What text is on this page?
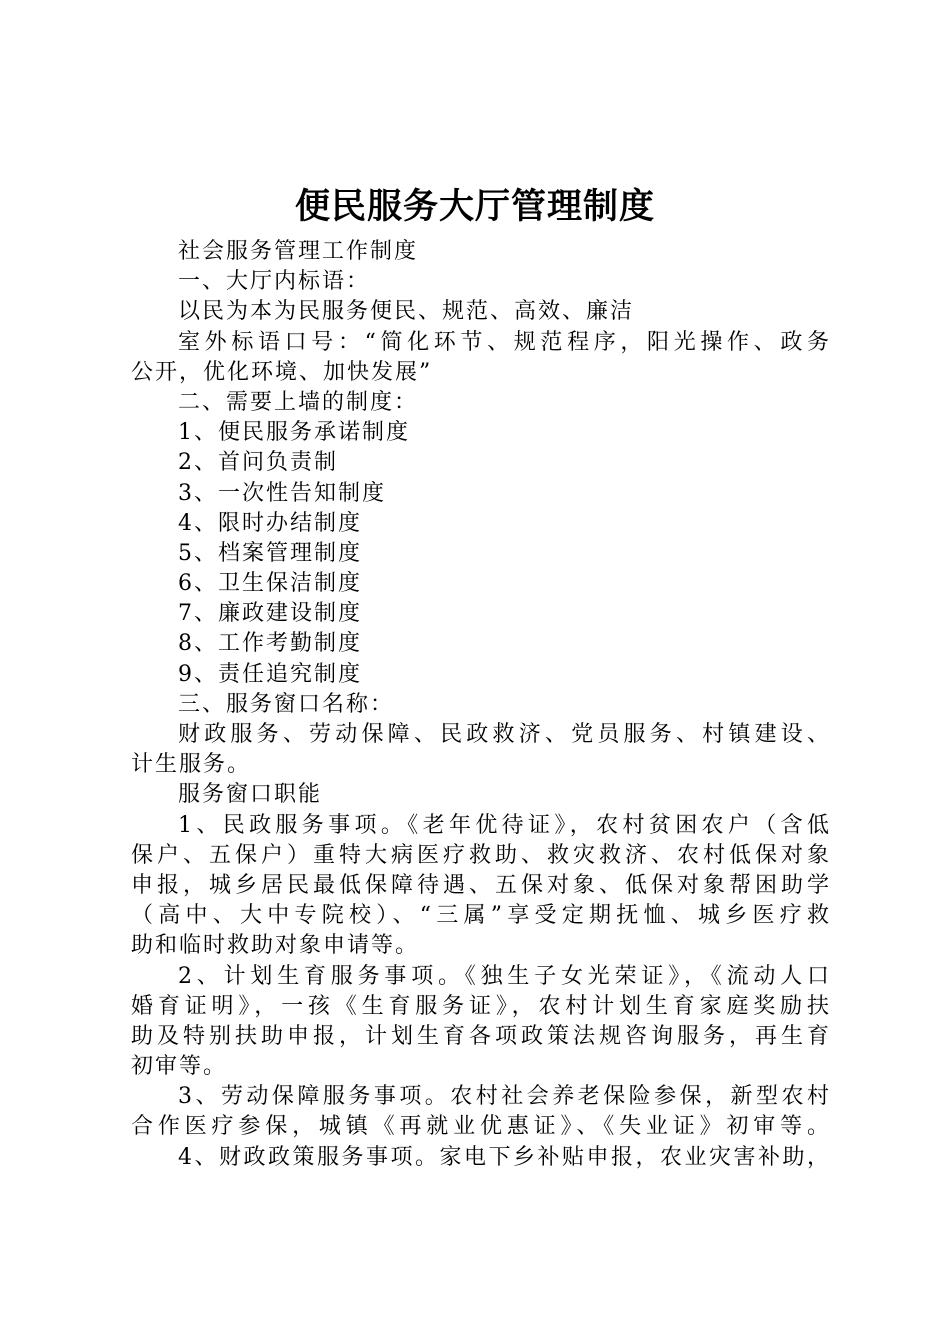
便民服务大厅管理制度
社会服务管理工作制度
一、大厅内标语：
以民为本为民服务便民、规范、高效、廉洁
室外标语口号：“简化环节、规范程序，阳光操作、政务
公开，优化环境、加快发展”
二、需要上墙的制度：
1、便民服务承诺制度
2、首问负责制
3、一次性告知制度
4、限时办结制度
5、档案管理制度
6、卫生保洁制度
7、廉政建设制度
8、工作考勤制度
9、责任追究制度
三、服务窗口名称：
财政服务、劳动保障、民政救济、党员服务、村镇建设、
计生服务。
服务窗口职能
1、民政服务事项。《老年优待证》，农村贫困农户（含低
保户、五保户）重特大病医疗救助、救灾救济、农村低保对象
申报，城乡居民最低保障待遇、五保对象、低保对象帮困助学
（高中、大中专院校）、“三属”享受定期抚恤、城乡医疗救
助和临时救助对象申请等。
2、计划生育服务事项。《独生子女光荣证》，《流动人口
婚育证明》，一孩《生育服务证》，农村计划生育家庭奖励扶
助及特别扶助申报，计划生育各项政策法规咨询服务，再生育
初审等。
3、劳动保障服务事项。农村社会养老保险参保，新型农村
合作医疗参保，城镇《再就业优惠证》、《失业证》初审等。
4、财政政策服务事项。家电下乡补贴申报，农业灾害补助，
